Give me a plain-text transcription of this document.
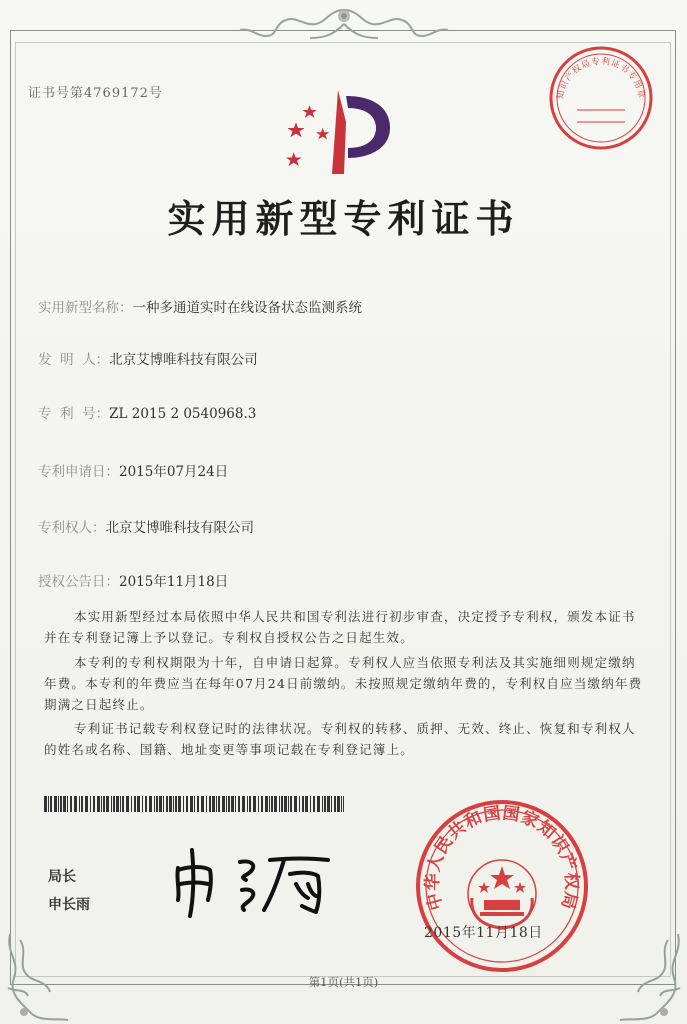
证书号第4769172号	知识产权局专利证书专用章
实用新型专利证书
实用新型名称：一种多通道实时在线设备状态监测系统
发  明  人：北京艾博唯科技有限公司
专  利  号：ZL 2015 2 0540968.3
专利申请日：2015年07月24日
专利权人：北京艾博唯科技有限公司
授权公告日：2015年11月18日

本实用新型经过本局依照中华人民共和国专利法进行初步审查，决定授予专利权，颁发本证书并在专利登记簿上予以登记。专利权自授权公告之日起生效。

本专利的专利权期限为十年，自申请日起算。专利权人应当依照专利法及其实施细则规定缴纳年费。本专利的年费应当在每年07月24日前缴纳。未按照规定缴纳年费的，专利权自应当缴纳年费期满之日起终止。

专利证书记载专利权登记时的法律状况。专利权的转移、质押、无效、终止、恢复和专利权人的姓名或名称、国籍、地址变更等事项记载在专利登记簿上。

局长
申长雨	中华人民共和国国家知识产权局
2015年11月18日
第1页(共1页)
